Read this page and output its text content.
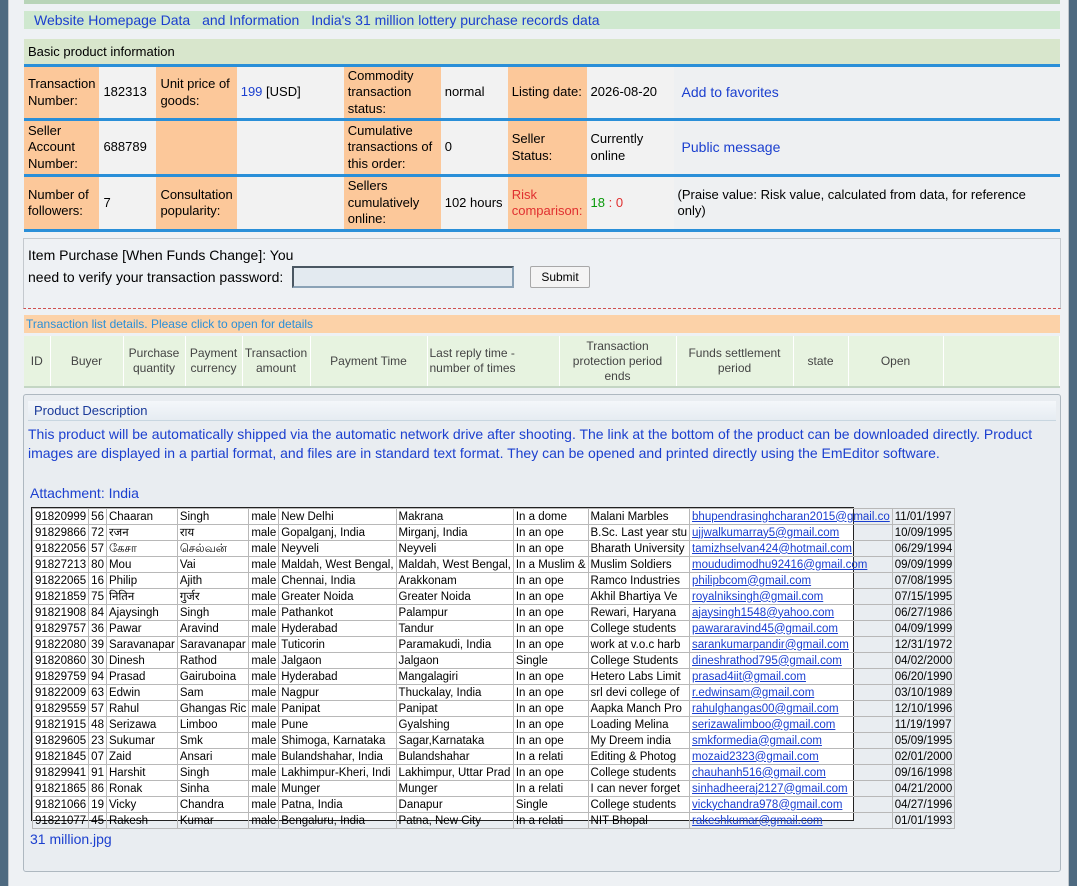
Website Homepage Data and Information India's 31 million lottery purchase records data
Basic product information
Transaction Number:	182313	Unit price of goods:	199 [USD]	Commodity transaction status:	normal	Listing date:	2026-08-20	Add to favorites
Seller Account Number:	688789			Cumulative transactions of this order:	0	Seller Status:	Currently online	Public message
Number of followers:	7	Consultation popularity:		Sellers cumulatively online:	102 hours	Risk comparison:	18 : 0	(Praise value: Risk value, calculated from data, for reference only)
Item Purchase [When Funds Change]: You
need to verify your transaction password:	Submit
Transaction list details. Please click to open for details
ID	Buyer	Purchase quantity	Payment currency	Transaction amount	Payment Time	Last reply time - number of times	Transaction protection period ends	Funds settlement period	state	Open	
Product Description
This product will be automatically shipped via the automatic network drive after shooting. The link at the bottom of the product can be downloaded directly. Product images are displayed in a partial format, and files are in standard text format. They can be opened and printed directly using the EmEditor software.
Attachment: India
91820999	56	Chaaran	Singh	male	New Delhi	Makrana	In a dome	Malani Marbles	bhupendrasinghcharan2015@gmail.co	11/01/1997
91829866	72	रजन	राय	male	Gopalganj, India	Mirganj, India	In an ope	B.Sc. Last year stu	ujjwalkumarray5@gmail.com	10/09/1995
91822056	57	கேசா	செல்வன்	male	Neyveli	Neyveli	In an ope	Bharath University	tamizhselvan424@hotmail.com	06/29/1994
91827213	80	Mou	Vai	male	Maldah, West Bengal,	Maldah, West Bengal,	In a Muslim &	Muslim Soldiers	moududimodhu92416@gmail.com	09/09/1999
91822065	16	Philip	Ajith	male	Chennai, India	Arakkonam	In an ope	Ramco Industries	philipbcom@gmail.com	07/08/1995
91821859	75	नितिन	गुर्जर	male	Greater Noida	Greater Noida	In an ope	Akhil Bhartiya Ve	royalniksingh@gmail.com	07/15/1995
91821908	84	Ajaysingh	Singh	male	Pathankot	Palampur	In an ope	Rewari, Haryana	ajaysingh1548@yahoo.com	06/27/1986
91829757	36	Pawar	Aravind	male	Hyderabad	Tandur	In an ope	College students	pawararavind45@gmail.com	04/09/1999
91822080	39	Saravanapar	Saravanapar	male	Tuticorin	Paramakudi, India	In an ope	work at v.o.c harb	sarankumarpandir@gmail.com	12/31/1972
91820860	30	Dinesh	Rathod	male	Jalgaon	Jalgaon	Single	College Students	dineshrathod795@gmail.com	04/02/2000
91829759	94	Prasad	Gairuboina	male	Hyderabad	Mangalagiri	In an ope	Hetero Labs Limit	prasad4iit@gmail.com	06/20/1990
91822009	63	Edwin	Sam	male	Nagpur	Thuckalay, India	In an ope	srl devi college of	r.edwinsam@gmail.com	03/10/1989
91829559	57	Rahul	Ghangas Ric	male	Panipat	Panipat	In an ope	Aapka Manch Pro	rahulghangas00@gmail.com	12/10/1996
91821915	48	Serizawa	Limboo	male	Pune	Gyalshing	In an ope	Loading Melina	serizawalimboo@gmail.com	11/19/1997
91829605	23	Sukumar	Smk	male	Shimoga, Karnataka	Sagar,Karnataka	In an ope	My Dreem india	smkformedia@gmail.com	05/09/1995
91821845	07	Zaid	Ansari	male	Bulandshahar, India	Bulandshahar	In a relati	Editing & Photog	mozaid2323@gmail.com	02/01/2000
91829941	91	Harshit	Singh	male	Lakhimpur-Kheri, Indi	Lakhimpur, Uttar Prad	In an ope	College students	chauhanh516@gmail.com	09/16/1998
91821865	86	Ronak	Sinha	male	Munger	Munger	In a relati	I can never forget	sinhadheeraj2127@gmail.com	04/21/2000
91821066	19	Vicky	Chandra	male	Patna, India	Danapur	Single	College students	vickychandra978@gmail.com	04/27/1996
91821077	45	Rakesh	Kumar	male	Bengaluru, India	Patna, New City	In a relati	NIT Bhopal	rakeshkumar@gmail.com	01/01/1993
31 million.jpg
